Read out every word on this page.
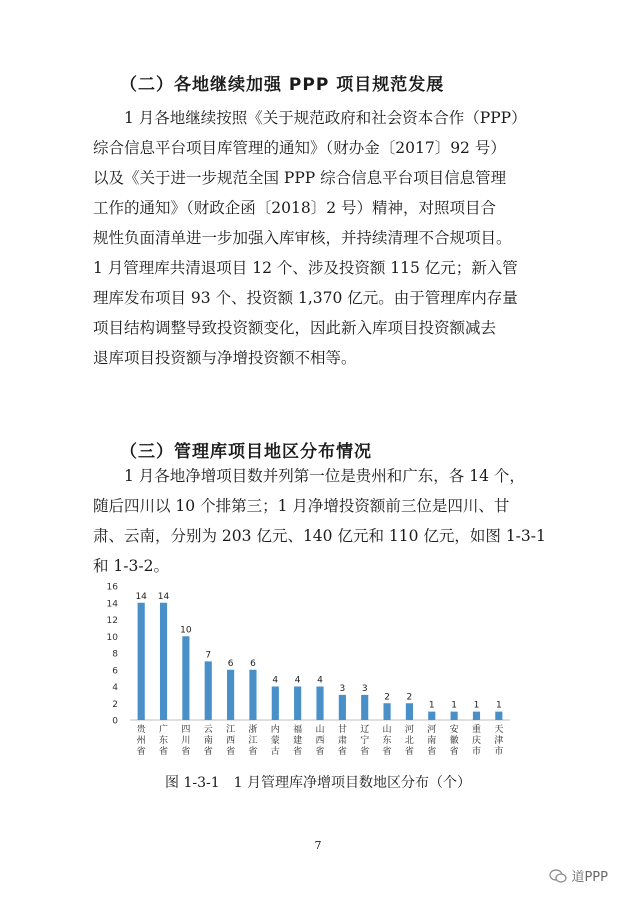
（二）各地继续加强 PPP 项目规范发展

　　1 月各地继续按照《关于规范政府和社会资本合作（PPP）

综合信息平台项目库管理的通知》（财办金〔2017〕92 号）

以及《关于进一步规范全国 PPP 综合信息平台项目信息管理

工作的通知》（财政企函〔2018〕2 号）精神，对照项目合

规性负面清单进一步加强入库审核，并持续清理不合规项目。

1 月管理库共清退项目 12 个、涉及投资额 115 亿元；新入管

理库发布项目 93 个、投资额 1,370 亿元。由于管理库内存量

项目结构调整导致投资额变化，因此新入库项目投资额减去

退库项目投资额与净增投资额不相等。

（三）管理库项目地区分布情况

　　1 月各地净增项目数并列第一位是贵州和广东，各 14 个，

随后四川以 10 个排第三；1 月净增投资额前三位是四川、甘

肃、云南，分别为 203 亿元、140 亿元和 110 亿元，如图 1-3-1

和 1-3-2。

0
2
4
6
8
10
12
14
16
14
贵州省
14
广东省
10
四川省
7
云南省
6
江西省
6
浙江省
4
内蒙古
4
福建省
4
山西省
3
甘肃省
3
辽宁省
2
山东省
2
河北省
1
河南省
1
安徽省
1
重庆市
1
天津市
图 1-3-1　1 月管理库净增项目数地区分布（个）
7
道PPP
